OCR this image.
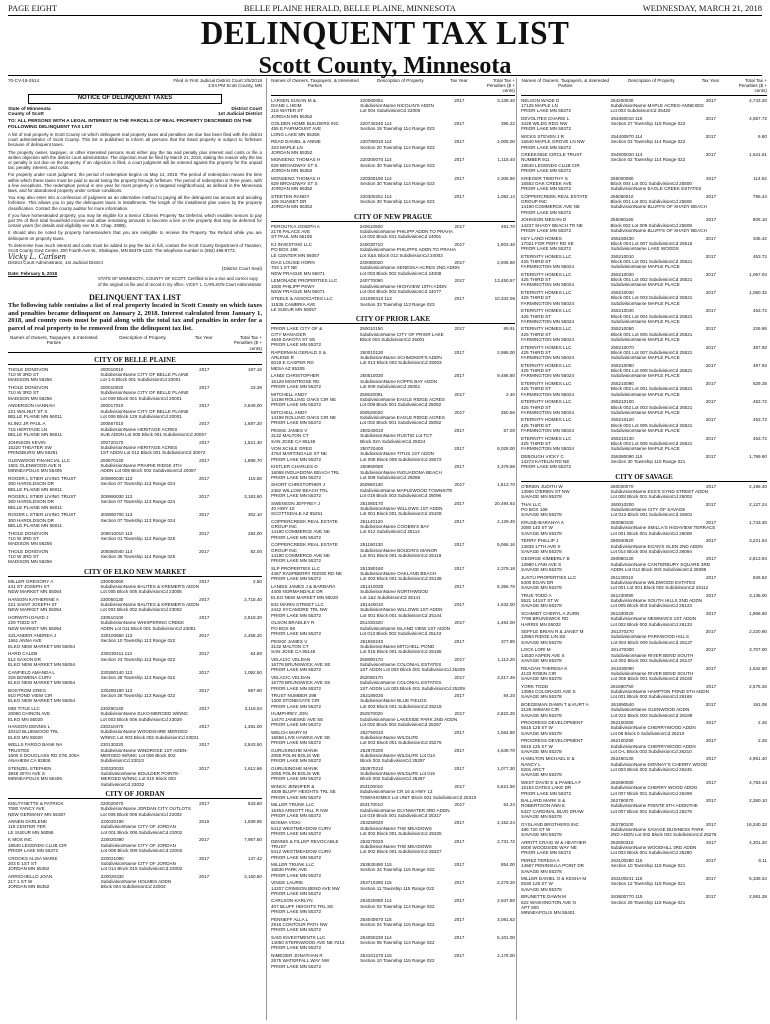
PAGE EIGHT	BELLE PLAINE HERALD, BELLE PLAINE, MINNESOTA	WEDNESDAY, MARCH 21, 2018
DELINQUENT TAX LIST
Scott County, Minnesota
70-CV-18-2514	Filed in First Judicial District Court 2/5/2018 3:04 PM Scott County, MN
NOTICE OF DELINQUENT TAXES
State of Minnesota	District Court
County of Scott	1st Judicial District
TO: ALL PERSONS WITH A LEGAL INTEREST IN THE PARCELS OF REAL PROPERTY DESCRIBED ON THE FOLLOWING DELINQUENT TAX LIST
A list of real property in Scott County on which delinquent real property taxes and penalties are due has been filed with the district court administrator of Scott County. This list is published to inform all persons that the listed property is subject to forfeiture because of delinquent taxes.
The property owner, taxpayer, or other interested persons must either pay the tax and penalty plus interest and costs or file a written objection with the district court administrator. The objection must be filed by March 21, 2018, stating the reason why the tax or penalty is not due on the property. If an objection is filed, a court judgment will be entered against the property for the unpaid tax, penalty, interest, and costs.
For property under court judgment, the period of redemption begins on May 14, 2018. The period of redemption means the time within which these taxes must be paid to avoid losing the property through forfeiture. The period of redemption is three years, with a few exceptions. The redemption period is one year for most property in a targeted neighborhood, as defined in the Minnesota laws, and for abandoned property under certain conditions.
You may also enter into a confession of judgment as an alternative method to paying all the delinquent tax amount and avoiding forfeiture. This allows you to pay the delinquent taxes in installments. The length of the installment plan varies by the property classification. Contact the county auditor for more information.
If you have homesteaded property, you may be eligible for a Senior Citizens Property Tax Deferral, which enables seniors to pay just 3% of their total household income and allow remaining amounts to become a lien on the property that may be deferred for certain years (for details and eligibility see M.S. Chap. 290B).
It should also be noted by property homesteaders that you are ineligible to receive the Property Tax Refund while you are delinquent on property taxes.
To determine how much interest and costs must be added to pay the tax in full, contact the Scott County Department of Taxation, Scott County Govt Center, 200 Fourth Ave W., Shakopee, MN 55379-1220. The telephone number is (952) 496-8773.
Vicky L. Carlsen
District Court Administrator, 1st Judicial District
(District Court Seal)
Date: February 5, 2018
STATE OF MINNESOTA, COUNTY OF SCOTT. Certified to be a true and correct copy of the original on file and of record in my office. VICKY L. CARLSON Court Administrator
DELINQUENT TAX LIST
The following table contains a list of real property located in Scott County on which taxes and penalties became delinquent on January 2, 2018. Interest calculated from January 1, 2018, and county costs must be paid along with the total tax and penalties in order for a parcel of real property to be removed from the delinquent tax list.
Names of Owners, Taxpayers, & Interested Parties
Description of Property	Tax Year	Total Tax + Penalties ($ + cents)
CITY OF BELLE PLAINE
THOLE DONOVON
710 W 3RD ST
MADISON MN 56256
200010010
SubdivisionName CITY OF BELLE PLAINE
Lot 1-8 Block 001 SubdivisionCd 20001
2017	197.16
THOLE DONOVON
710 W 3RD ST
MADISON MN 56256
200010020
SubdivisionName CITY OF BELLE PLAINE
Lot 009 Block 001 SubdivisionCd 20001
2017	23.29
ANDERSON HANNAH
221 WALNUT ST S
BELLE PLAINE MN 56011
200017010
SubdivisionName CITY OF BELLE PLAINE
Lot 006 Block 129 SubdivisionCd 20001
2017	2,849.00
KLING JR PAUL A
716 HERITAGE LN
BELLE PLAINE MN 56011
200567010
SubdivisionName HERITAGE ACRES
SUB ADDN Lot 005 Block 001 SubdivisionCd 20057
2017	1,687.20
JOHNSON KEVIN
15220 THEATER SW
PRINSBURG MN 56281
200720170
SubdivisionName HERITAGE ACRES
1ST ADDN Lot 012 Block 001 SubdivisionCd 20072
2017	1,521.30
GLENWOOD FINANCIAL LLC
1901 GLENWOOD AVE N
MINNEAPOLIS MN 55405
200870140
SubdivisionName PRAIRIE RIDGE 4TH
ADDN Lot 009 Block 002 SubdivisionCd 20087
2017	1,888.70
ROGER L STIER LIVING TRUST
300 HAROLDSON DR
BELLE PLAINE MN 56011
200690030 113
Section 07 Township 113 Range 024
2017	115.50
ROGER L STIER LIVING TRUST
300 HAROLDSON DR
BELLE PLAINE MN 56011
200690030 113
Section 07 Township 113 Range 024
2017	3,183.60
ROGER L STIER LIVING TRUST
300 HAROLDSON DR
BELLE PLAINE MN 56011
200690700 113
Section 07 Township 113 Range 024
2017	302.10
THOLE DONOVON
710 W 3RD ST
MADISON MN 56256
209010010 113
Section 01 Township 113 Range 025
2017	284.00
THOLE DONOVON
710 W 3RD ST
MADISON MN 56256
209360040 114
Section 36 Township 114 Range 025
2017	82.00
CITY OF ELKO NEW MARKET
MILLER GREGORY A
441 ST JOSEPH ST
NEW MARKET MN 55054
230050060
SubdivisionName BAUTES & KREMER'S ADDN
Lot 005 Block 005 SubdivisionCd 23005
2017	2.50
HANSON KATHERINE A
221 SAINT JOSEPH ST
NEW MARKET MN 55054
230050130
SubdivisionName BAUTES & KREMER'S ADDN
Lot 002 Block 002 SubdivisionCd 23002
2017	2,715.40
HORWITH DAVID J
229 TODD ST
NEW MARKET MN 55054
230510100
SubdivisionName WHISPERING CREEK
ADDN Lot 011 Block 001 SubdivisionCd 23051
2017	2,818.20
SZLANDER ANDREA J
1561 ANNA AVE
ELKO NEW MARKET MN 55054
230100660 113
Section 10 Township 113 Range 022
2017	2,458.20
HARD CALEB
512 SAXON DR
ELKO NEW MARKET MN 55054
230230411 113
Section 23 Township 113 Range 022
2017	64.80
CANFIELD AMANDA L
328 BOWENA CURV
ELKO NEW MARKET MN 55054
230280140 113
Section 28 Township 113 Range 022
2017	1,092.50
BOSTROM GREG
910 POND VIEW CIR
ELKO NEW MARKET MN 55054
230280190 113
Section 28 Township 113 Range 022
2017	687.90
MDI TITLE LLC
20060 CHINON AVE
ELKO MN 55020
230290140
SubdivisionName ELKO-MERGED W/NNC
Lot 003 Block 006 SubdivisionCd 23029
2017	3,119.04
HANSON DENNIS L
20410 BLUEWOOD TRL
ELKO MN 55020
230310470
SubdivisionName WOODSHIRE MERGED
W/NNC Lot 003 Block 002 SubdivisionCd 23031
2017	1,381.00
WELLS FARGO BANK NA
TRUSTEE
1600 S DOUGLASS RD STE 200A
ANAHEIM CA 92806
230130220
SubdivisionName WINDROSE 1ST ADDN-
MERGED W/NNC Lot 006 Block 002
SubdivisionCd 23013
2017	2,843.50
STENZEL STEPHEN
3948 25TH AVE S
MINNEAPOLIS MN 55406
230320033
SubdivisionName BOULDER POINTE-
MERGED W/NNC Lot 010 Block 003
SubdivisionCd 23032
2017	1,612.66
CITY OF JORDAN
KIELTYNETTE & PATRICK
7080 YANCY AVE
NEW GERMANY MN 55367
220020070
SubdivisionName JORDAN CITY OUTLOTS
Lot 006 Block 006 SubdivisionCd 22002
2017	633.60
ANNEN DARLENE
119 CENTER TER
LE SUEUR MN 56058
220020190
SubdivisionName CITY OF JORDAN
Lot 001 Block 006 SubdivisionCd 22002
2016	1,839.96
K MOS INC
18540 LEGENDS CLUB CIR
PRIOR LAKE MN 55372
220020390
SubdivisionName CITY OF JORDAN
Lot 008 Block 009 SubdivisionCd 22002
2017	7,967.50
CROOKS ALISA MARIE
203 E 1ST ST
JORDAN MN 55352
220021080
SubdivisionName CITY OF JORDAN
Lot 014 Block 015 SubdivisionCd 22002
2017	147.42
ARRICHIELLO JOAN
217 1 ST W
JORDAN MN 55352
220020330
SubdivisionName HOLMES ADDN
Block 004 SubdivisionCd 22003
2017	3,160.60
Names of Owners, Taxpayers, & Interested Parties
Description of Property	Tax Year	Total Tax + Penalties ($ + cents)
LARSEN SUSAN M &
DIANE L HEIM
218 WATER ST
JORDAN MN 55352
220060061
SubdivisionName NICOLIN'S ADDN
Lot 004 SubdivisionCd 22006
2017	3,139.40
GOLDEN HOME BUILDERS INC
455 E FAIRMOUNT AVE
LONG LAKE MN 55356
220740240 114
Section 19 Township 114 Range 023
2017	396.22
READ DANIEL & ANNIE
323 MAPLE LN
JORDAN MN 55352
220780010 114
Section 20 Township 114 Range 023
2017	2,006.00
MONSENG THOMAS H
629 BROADWAY ST S
JORDAN MN 55352
220300070 114
Section 30 Township 114 Range 023
2017	1,115.40
MONSENG THOMAS H
629 BROADWAY ST S
JORDAN MN 55352
220300190 114
Section 30 Township 114 Range 023
2017	2,305.60
STEETEN RANDY
109 SUNSET DR
JORDAN MN 55352
220300251 114
Section 30 Township 114 Range 023
2017	1,082.14
CITY OF NEW PRAGUE
PEROUTKA JOSEPH A
2178 PALACE AVE
ST PAUL MN 55105
240610600
SubdivisionName PHILIPP ADDN TO PRAHA
Lot 002 Block 031 SubdivisionCd 24061
2017	491.70
KJ INVESTING LLC
PO BOX 168
LE CENTER MN 56057
240030710
SubdivisionName PHILIPPS ADDN TO PRAHA
Lot S&S Block 012 SubdivisionCd 24003
2017	1,903.48
DIAS LOUISE HORN
703 1 ST NE
NEW PRAGUE MN 56071
240080020
SubdivisionName SENESKA ACRES 2ND ADDN
Lot 003 Block 002 SubdivisionCd 24008
2017	2,006.60
LEMONADE PROPERTIES LLC
1000 PHILIPP PKWY
NEW PRAGUE MN 56071
240770090
SubdivisionName HIGHVIEW 10TH ADDN
Lot 004 Block 002 SubdivisionCd 24077
2017	13,450.97
STEELE & ASSOCIATES LLC
11535 CAMBRIA AVE
LE SUEUR MN 56057
241090310 113
Section 33 Township 113 Range 023
2017	10,342.06
CITY OF PRIOR LAKE
PRIOR LAKE CITY OF &
CITY MANAGER
4646 DAKOTA ST SE
PRIOR LAKE MN 55372
250010150
SubdivisionName CITY OF PRIOR LAKE
Block 004 SubdivisionCd 25001
2017	89.91
RAPERMAN GERALD S &
ARLENE R
6019 E CASPER RD
MESA AZ 85205
250010130
SubdivisionName SCHMOKER'S ADDN
Lot 013 Block 002 SubdivisionCd 25003
2017	2,996.00
LANDI CHRISTOPHER
15129 MONTROSE RD
PRIOR LAKE MN 55372
250510030
SubdivisionName KOPPS BAY ADDN
Lot 009 SubdivisionCd 25051
2017	9,486.80
MITCHELL ANDY
14198 ROLLING OAKS CIR NE
PRIOR LAKE MN 55372
250520091
SubdivisionName EAGLE RIDGE ACRES
Lot 009 Block 001 SubdivisionCd 25052
2017	2.40
MITCHELL ANDY
14198 ROLLING OAKS CIR NE
PRIOR LAKE MN 55372
250520020
SubdivisionName EAGLE RIDGE ACRES
Lot 002 Block 001 SubdivisionCd 25052
2017	350.56
PESKE JAMES V
3132 MALTON CT
SAN JOSE CA 95148
250240010
SubdivisionName RUSTIO Lot TCT
Block 02A SubdivisionCd 25024
2017	57.00
VON SCHLE GREG
4764 MARTINGALE ST NE
PRIOR LAKE MN 55372
250720400
SubdivisionName TITUS 1ST ADDN
Lot 008 Block 008 SubdivisionCd 25072
2017	6,028.00
KISTLER CHARLES D
16068 INGUADONA BEACH TRL
PRIOR LAKE MN 55372
250960080
SubdivisionName INGUADONA BEACH
Lot 009 SubdivisionCd 25096
2017	4,379.68
SHORT CHRISTOPHER J
2482 WILLOW BEACH TRL
PRIOR LAKE MN 55372
250960130
SubdivisionName MAPLEWOOD TOWNSITE
Lot 019 Block 003 SubdivisionCd 25096
2017	1,613.70
SWENSON JEFFREY J
40 HWY 10
SCOTTSDALE AZ 85251
251080170
SubdivisionName WILLOWS 1ST ADDN
Lot 001 Block 001 SubdivisionCd 25108
2017	20,494.92
COPPERCREEK REAL ESTATE
GROUP INC
14190 COMMERCE AVE NE
PRIOR LAKE MN 55372
251140120
SubdivisionName COOBIN'S BAY
Lot 012 SubdivisionCd 25114
2017	2,129.40
COPPERCREEK REAL ESTATE
GROUP INC
14190 COMMERCE AVE NE
PRIOR LAKE MN 55372
251190130
SubdivisionName BOUDIN'S MANOR
Lot 001 Block 001 SubdivisionCd 25119
2017	5,066.16
SLP PROPERTIES LLC
4487 RASPBERRY RIDGE RD NE
PRIOR LAKE MN 55372
251380160
SubdivisionName OAKLAND BEACH
Lot 003 Block 001 SubdivisionCd 25138
2017	2,379.18
LANDIS JAMES J & BARBARA
4400 NORMANDALE DR
ELKO NEW MARKET MN 55020
251410030
SubdivisionName NORTHWOOD
Lot 1&2 SubdivisionCd 25141
2017	6,356.76
842 MARIN STREET LLC
2442 SYCAMORE TRL NW
PRIOR LAKE MN 55372
251440010
SubdivisionName WILLOWS 1ST ADDN
Lot 001 Block 001 SubdivisionCd 25144
2017	1,632.00
OLSON BRADLEY R
PO BOX 66
PRIOR LAKE MN 55372
251430320
SubdivisionName ISLAND VIEW 1ST ADDN
Lot 013 Block 002 SubdivisionCd 25143
2017	1,464.00
PESKE JAMES V
3132 MALTON CT
SAN JOSE CA 95148
251550240
SubdivisionName MITCHELL POND
Lot 016 Block 001 SubdivisionCd 25155
2017	377.80
VELACIC VELDAN
16778 BRUNSWICK AVE SE
PRIOR LAKE MN 55372
250890170
SubdivisionName COLONIAL ESTATES
1ST ADDN Lot 003 Block 001 SubdivisionCd 25209
2017	1,113.20
VELACIC VELDAN
16778 BRUNSWICK AVE SE
PRIOR LAKE MN 55372
252090170
SubdivisionName COLONIAL ESTATES
1ST ADDN Lot 003 Block 001 SubdivisionCd 25209
2017	3,317.46
TRUST NUMBER 298
1300 STONEGATE CIR
PRIOR LAKE MN 55372
252180030
SubdivisionName BLUE FIELDS
Lot 003 Block 001 SubdivisionCd 25218
2017	84.20
HUMPHREY JON
14470 JANESKE AVE SE
PRIOR LAKE MN 55372
252570020
SubdivisionName LAKESIDE PARK 2ND ADDN
Lot 002 Block 002 SubdivisionCd 25257
2017	2,822.20
WELCH MARY M
16558 LIVE HAWKS AVE SE
PRIOR LAKE MN 55372
252750010
SubdivisionName WILDLIFE
Lot 003 Block 001 SubdivisionCd 25275
2017	1,564.80
GURUSINGHE MANIK
2055 POLIN BOLIS WE
PRIOR LAKE MN 55372
252970200
SubdivisionName WILDLIFE Lot 014
Block 002 SubdivisionCd 25297
2017	4,649.70
GURUSINGHE MANIK
2055 POLIN BOLIS WE
PRIOR LAKE MN 55372
252970210
SubdivisionName WILDLIFE Lot 015
Block 002 SubdivisionCd 25297
2017	1,077.30
WINCK JENNIFER &
4839 BLUFF HEIGHTS TRL SE
PRIOR LAKE MN 55372
253100010
SubdivisionName CR 16 & HWY 13
TOWNHOMES Lot UNIT Block 001 SubdivisionCd 25310
2017	5,621.50
MILLER TRUNK LLC
15453 ARNOTT HILL R NW
PRIOR LAKE MN 55372
253170010
SubdivisionName GLYNWATER 3RD ADDN
Lot 019 Block 001 SubdivisionCd 25317
2017	64.24
BOSMA VICKI
5412 WESTMEADOW CURV
PRIOR LAKE MN 55372
253250020
SubdivisionName THE MEADOWS
Lot 002 Block 001 SubdivisionCd 25325
2017	2,152.24
DENNIS & FILLEP REVOCABLE
TRUST
5412 WESTMEADOW CURV
PRIOR LAKE MN 55372
253270020
SubdivisionName THE MEADOWS
Lot 002 Block 001 SubdivisionCd 25327
2017	2,731.72
MILLER TRUNK LLC
16530 PARK AVE
PRIOR LAKE MN 55372
253630490 115
Section 34 Township 115 Range 022
2017	854.00
VINGE LAURIE
14207 CRIMSON BEND AVE NW
PRIOR LAKE MN 55372
253710280 115
Section 11 Township 115 Range 022
2017	2,279.20
CARLSON KARLYN
407 BLUFF HEIGHTS TRL SE
PRIOR LAKE MN 55372
254020080 114
Section 02 Township 114 Range 022
2017	2,947.60
PENNEFF ALLA L
2916 CONTOUR PATH NW
PRIOR LAKE MN 55372
254040670 115
Section 04 Township 115 Range 022
2017	3,081.62
SAID INVESTMENTS LLC
14050 STERNWOOD AVE NE #213
PRIOR LAKE MN 55372
254050230 114
Section 05 Township 114 Range 022
2017	5,101.00
NIMEGER JONATHAN R
2575 WATERFALL WAY NW
PRIOR LAKE MN 55372
254101270 115
Section 10 Township 115 Range 022
2017	2,176.00
Names of Owners, Taxpayers, & Interested Parties
Description of Property	Tax Year	Total Tax + Penalties ($ + cents)
NELSON WADE D
17125 MAPLE LN
PRIOR LAKE MN 55372
254200030
SubdivisionName MAPLE ACRES-ANNEXED
Lot 003 SubdivisionCd 25420
2017	4,743.20
DEVOLITES CHARIE L
3429 WILDS RDG NW
PRIOR LAKE MN 55372
254360010 115
Section 27 Township 115 Range 022
2017	4,557.72
WICKS STEVEN J R
16640 MAPLE GROVE LN NW
PRIOR LAKE MN 55372
254400870 114
Section 03 Township 114 Range 022
2017	6.80
CREEKSIDE CIRCLE TRUST
NUMBER 911
18540 LEGENDS CLUB CIR
PRIOR LAKE MN 55372
254500020 114
Section 02 Township 114 Range 022
2017	1,641.61
KRIEGER TIMOTHY S
15553 OAK CREEK AVE
PRIOR LAKE MN 55372
255000080
Block 004 Lot 001 SubdivisionCd 25500
SubdivisionName EAGLE CREEK ESTATES
2017	114.52
COPPERCREEK REAL ESTATE
GROUP INC
14190 COMMERCE AVE NE
PRIOR LAKE MN 55372
255060010
Block 001 Lot 001 SubdivisionCd 25506
SubdivisionName BLUFFS OF SHADY BEACH
2017	795.44
JOHNSON MEGAN D
14237 SHADY BEACH TR NE
PRIOR LAKE MN 55372
255060160
Block 002 Lot 009 SubdivisionCd 25508
SubdivisionName BLUFFS OF SHADY BEACH
2017	806.10
KEY LAND HOMES
17021 FOR PERY RD SE
PRIOR LAKE MN 55372
255150430
Block 004 Lot 007 SubdivisionCd 25515
SubdivisionName LAKE WOODS
2017	345.42
ETERNITY HOMES LLC
425 THIRD ST
FARMINGTON MN 55024
255210010
Block 001 Lot 001 SubdivisionCd 25521
SubdivisionName MAPLE PLACE
2017	453.72
ETERNITY HOMES LLC
425 THIRD ST
FARMINGTON MN 55024
255210020
Block 001 Lot 002 SubdivisionCd 25521
SubdivisionName MAPLE PLACE
2017	1,067.04
ETERNITY HOMES LLC
425 THIRD ST
FARMINGTON MN 55024
255210030
Block 001 Lot 003 SubdivisionCd 25521
SubdivisionName MAPLE PLACE
2017	1,060.32
ETERNITY HOMES LLC
425 THIRD ST
FARMINGTON MN 55024
255210040
Block 001 Lot 004 SubdivisionCd 25521
SubdivisionName MAPLE PLACE
2017	453.72
ETERNITY HOMES LLC
425 THIRD ST
FARMINGTON MN 55024
255210050
Block 001 Lot 005 SubdivisionCd 25521
SubdivisionName MAPLE PLACE
2017	226.86
ETERNITY HOMES LLC
425 THIRD ST
FARMINGTON MN 55024
255210070
Block 001 Lot 007 SubdivisionCd 25521
SubdivisionName MAPLE PLACE
2017	487.92
ETERNITY HOMES LLC
425 THIRD ST
FARMINGTON MN 55024
255210080
Block 001 Lot 008 SubdivisionCd 25521
SubdivisionName MAPLE PLACE
2017	487.92
ETERNITY HOMES LLC
425 THIRD ST
FARMINGTON MN 55024
255210090
Block 002 Lot 001 SubdivisionCd 25521
SubdivisionName MAPLE PLACE
2017	629.28
ETERNITY HOMES LLC
425 THIRD ST
FARMINGTON MN 55024
255210100
Block 002 Lot 003 SubdivisionCd 25521
SubdivisionName MAPLE PLACE
2017	453.72
ETERNITY HOMES LLC
425 THIRD ST
FARMINGTON MN 55024
255210120
Block 002 Lot 005 SubdivisionCd 25521
SubdivisionName MAPLE PLACE
2017	453.72
ETERNITY HOMES LLC
425 THIRD ST
FARMINGTON MN 55024
255210130
Block 002 Lot 006 SubdivisionCd 25521
SubdivisionName MAPLE PLACE
2017	453.72
DEBOUGH VICKY C
14273 KATELIN RD NE
PRIOR LAKE MN 55372
259380090 115
Section 30 Township 115 Range 021
2017	1,799.60
CITY OF SAVAGE
O'BRIEN JUDITH W
13960 O'BRIEN ST NW
SAVAGE MN 55378
260030070
SubdivisionName ESS'S SYND STREET ADDN
Lot 008 Block 001 SubdivisionCd 26003
2017	2,195.40
THAI LLC
PO BOX 168
SAVAGE MN 55378
260010200
SubdivisionName CITY OF SAVAGE
Lot 013 Block 001 SubdivisionCd 26001
2017	2,127.24
KRUSE-BARANYA A
2080 140 ST W
SAVAGE MN 55378
260080100
SubdivisionName SMILLA'S HIGHVIEW TERRACE
Lot 001 Block 001 SubdivisionCd 26008
2017	1,743.30
TERRY PHILLIP J
13839 17TH AVE S
SAVAGE MN 55378
260940520
SubdivisionName EGAN'S GLEN 2ND ADDN
Lot 014 Block 004 SubdivisionCd 26094
2017	3,221.64
GEORGE KIMBERLY B
13980 LYNN AVE S
SAVAGE MN 55378
260980130
SubdivisionName CANTERBURY SQUARE 3RD
ADDN Lot 012 Block 003 SubdivisionCd 26098
2017	2,813.94
JUSTU PROPERTIES LLC
5400 EGAN DR
SAVAGE MN 55378
261130010
SubdivisionName WILDWOOD ESTATES
Lot 001 Lot 001 Block 002 SubdivisionCd 26112
2017	926.62
TRUE TODD A
5521 141ST ST W
SAVAGE MN 55378
261230090
SubdivisionName SOUTH HILLS 2ND ADDN
Lot 005 Block 003 SubdivisionCd 26123
2017	3,135.00
SCHMIDT CHERYL A ZURN
7796 BRUNSWICK RD
HARRIS MN 55032
261330020
SubdivisionName NEWMAN'S 1ST ADDN
Lot 002 Block 002 SubdivisionCd 26133
2017	1,966.50
SEFFLE BRIAN R & JANET M
13983 RIDGE LIN SE
SAVAGE MN 55378
261370270
SubdivisionName PARKWOOD HILLS
Lot 004 Block 009 SubdivisionCd 26137
2017	2,220.90
LOCK LORI M
14530 ASPEN AVE S
SAVAGE MN 55378
261470300
SubdivisionName RIVER BEND SOUTH
Lot 002 Block 002 SubdivisionCd 26147
2017	3,707.00
REAGAN THERESA K
4133 ROBIN CIR
SAVAGE MN 55378
261630090
SubdivisionName RIVER BEND SOUTH
Lot 005 Block 001 SubdivisionCd 26160
2017	1,642.50
YORK TODD
13994 COLORADO AVE S
SAVAGE MN 55378
261690750
SubdivisionName HAMPTON POND 5TH ADDN
Lot 001 Block 002 SubdivisionCd 26169
2017	2,575.26
BOEGEMAN DAWN T & KURT A
3128 AMMAM CIR
SAVAGE MN 55378
261890540
SubdivisionName GLENWOOD ADDN
Lot 022 Block 002 SubdivisionCd 26189
2017	191.08
PROGRESS DEVELOPMENT
5515 125 ST W
SAVAGE MN 55378
262100280
SubdivisionName CHERRYWOOD ADDN
Lot 08 Block 0 SubdivisionCd 26210
2017	2.26
PROGRESS DEVELOPMENT
5515 125 ST W
SAVAGE MN 55378
262100290
SubdivisionName CHERRYWOOD ADDN
Lot O-L Block 003 SubdivisionCd 26210
2017	2.26
HAMILTON MICHAEL E &
NANCY L
5201 ARCT
SAVAGE MN 55378
262460130
SubdivisionName DONNAY'S CHERRY WOOD
Lot 003 Block 002 SubdivisionCd 26246
2017	4,961.40
WEST DAVID E & PAMELA F
15153 OATES LAKE DR
PRIOR LAKE MN 55372
262690080
SubdivisionName CHERRY WOOD ADDN
Lot 007 Block 001 SubdivisionCd 26269
2017	4,783.44
BALLARD MARK S &
ROBERTSON ANN E
5427 CARDINAL BLVD DRAW
SAVAGE MN 55378
262760070
SubdivisionName POINTE 5TH ADDNTHE
Lot 007 Block 001 SubdivisionCd 26276
2017	2,360.10
GYSLAND BROTHERS INC
486 720 ST W
SAVAGE MN 55378
262760100
SubdivisionName SAVAGE BUSINESS PARK
2ND ADDN Lot 002 Block 002 SubdivisionCd 26276
2017	16,340.33
ARRITT CRAIG W & HEATHER
5000 WOODSIDE WAY NE
PRIOR LAKE MN 55372
262800310
SubdivisionName WOODHILL 3RD ADDN
Lot 003 Block 001 SubdivisionCd 26280
2017	4,301.20
PEREZ TERESA A
14667 PENINSULA POINT DR
SAVAGE MN 55378
263100280 115
Section 10 Township 115 Range 021
2017	6.11
MILLER DANIEL O & KESHA M
9330 126 ST W
SAVAGE MN 55378
263100241 115
Section 12 Township 115 Range 021
2017	5,339.34
BRUNETTE DAWN M
622 WASHINGTON AVE N
APT 600
MINNEAPOLIS MN 55401
263600770 115
Section 29 Township 115 Range 021
2017	2,681.28
